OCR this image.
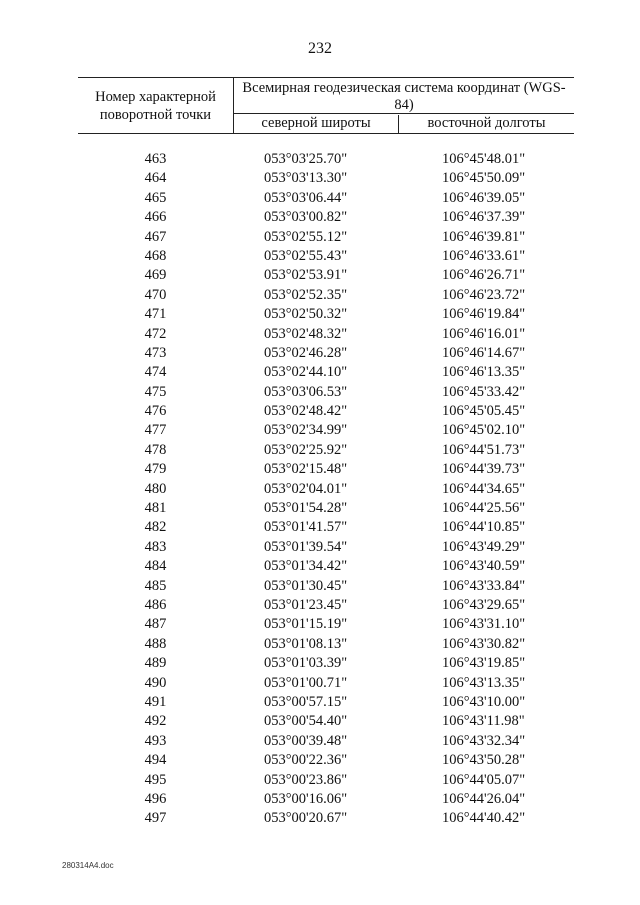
232
Номер характерной поворотной точки
Всемирная геодезическая система координат (WGS-84)
северной широты	восточной долготы
463	053°03'25.70"	106°45'48.01"
464	053°03'13.30"	106°45'50.09"
465	053°03'06.44"	106°46'39.05"
466	053°03'00.82"	106°46'37.39"
467	053°02'55.12"	106°46'39.81"
468	053°02'55.43"	106°46'33.61"
469	053°02'53.91"	106°46'26.71"
470	053°02'52.35"	106°46'23.72"
471	053°02'50.32"	106°46'19.84"
472	053°02'48.32"	106°46'16.01"
473	053°02'46.28"	106°46'14.67"
474	053°02'44.10"	106°46'13.35"
475	053°03'06.53"	106°45'33.42"
476	053°02'48.42"	106°45'05.45"
477	053°02'34.99"	106°45'02.10"
478	053°02'25.92"	106°44'51.73"
479	053°02'15.48"	106°44'39.73"
480	053°02'04.01"	106°44'34.65"
481	053°01'54.28"	106°44'25.56"
482	053°01'41.57"	106°44'10.85"
483	053°01'39.54"	106°43'49.29"
484	053°01'34.42"	106°43'40.59"
485	053°01'30.45"	106°43'33.84"
486	053°01'23.45"	106°43'29.65"
487	053°01'15.19"	106°43'31.10"
488	053°01'08.13"	106°43'30.82"
489	053°01'03.39"	106°43'19.85"
490	053°01'00.71"	106°43'13.35"
491	053°00'57.15"	106°43'10.00"
492	053°00'54.40"	106°43'11.98"
493	053°00'39.48"	106°43'32.34"
494	053°00'22.36"	106°43'50.28"
495	053°00'23.86"	106°44'05.07"
496	053°00'16.06"	106°44'26.04"
497	053°00'20.67"	106°44'40.42"
280314A4.doc
